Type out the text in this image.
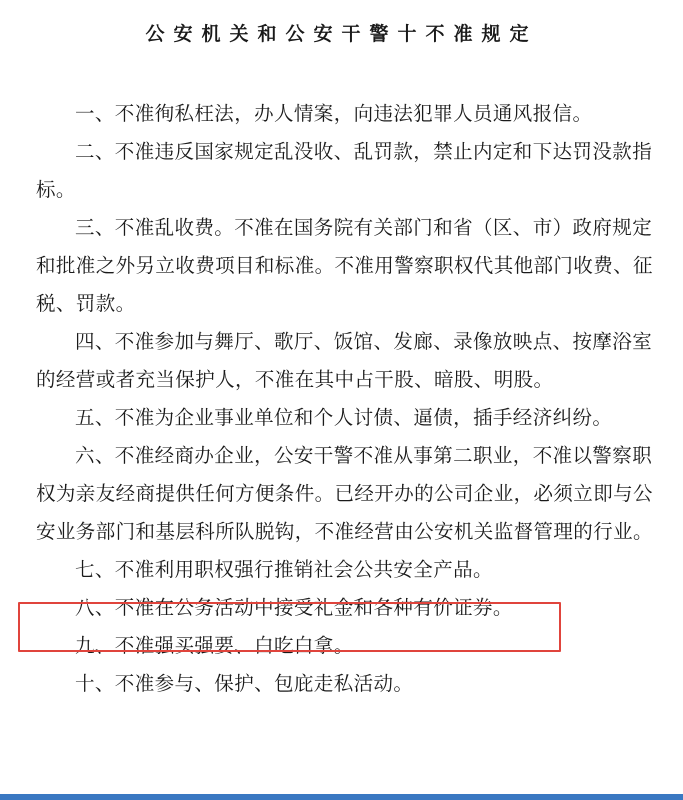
公安机关和公安干警十不准规定

一、不准徇私枉法，办人情案，向违法犯罪人员通风报信。

二、不准违反国家规定乱没收、乱罚款，禁止内定和下达罚没款指标。

三、不准乱收费。不准在国务院有关部门和省（区、市）政府规定和批准之外另立收费项目和标准。不准用警察职权代其他部门收费、征税、罚款。

四、不准参加与舞厅、歌厅、饭馆、发廊、录像放映点、按摩浴室的经营或者充当保护人，不准在其中占干股、暗股、明股。

五、不准为企业事业单位和个人讨债、逼债，插手经济纠纷。

六、不准经商办企业，公安干警不准从事第二职业，不准以警察职权为亲友经商提供任何方便条件。已经开办的公司企业，必须立即与公安业务部门和基层科所队脱钩，不准经营由公安机关监督管理的行业。

七、不准利用职权强行推销社会公共安全产品。

八、不准在公务活动中接受礼金和各种有价证券。

九、不准强买强要、白吃白拿。

十、不准参与、保护、包庇走私活动。
